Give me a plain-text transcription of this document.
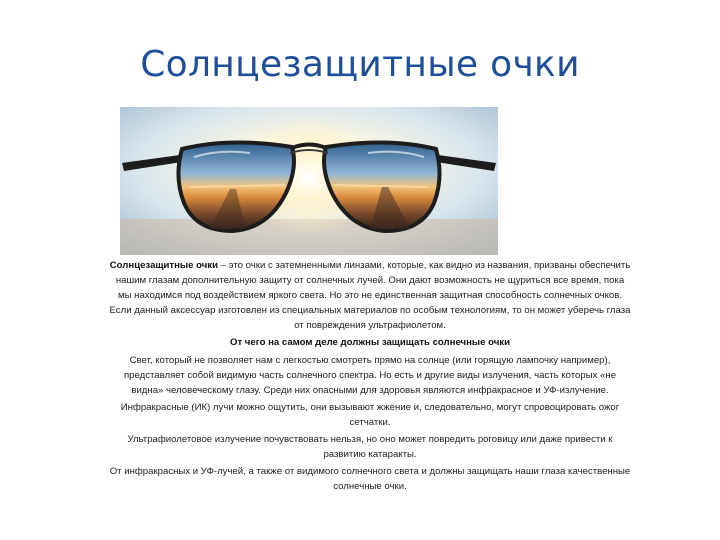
Солнцезащитные очки

Солнцезащитные очки – это очки с затемненными линзами, которые, как видно из названия, призваны обеспечить нашим глазам дополнительную защиту от солнечных лучей. Они дают возможность не щуриться все время, пока мы находимся под воздействием яркого света. Но это не единственная защитная способность солнечных очков. Если данный аксессуар изготовлен из специальных материалов по особым технологиям, то он может уберечь глаза от повреждения ультрафиолетом.

От чего на самом деле должны защищать солнечные очки

Свет, который не позволяет нам с легкостью смотреть прямо на солнце (или горящую лампочку например), представляет собой видимую часть солнечного спектра. Но есть и другие виды излучения, часть которых «не видна» человеческому глазу. Среди них опасными для здоровья являются инфракрасное и УФ-излучение.

Инфракрасные (ИК) лучи можно ощутить, они вызывают жжение и, следовательно, могут спровоцировать ожог сетчатки.

Ультрафиолетовое излучение почувствовать нельзя, но оно может повредить роговицу или даже привести к развитию катаракты.

От инфракрасных и УФ-лучей, а также от видимого солнечного света и должны защищать наши глаза качественные солнечные очки.
